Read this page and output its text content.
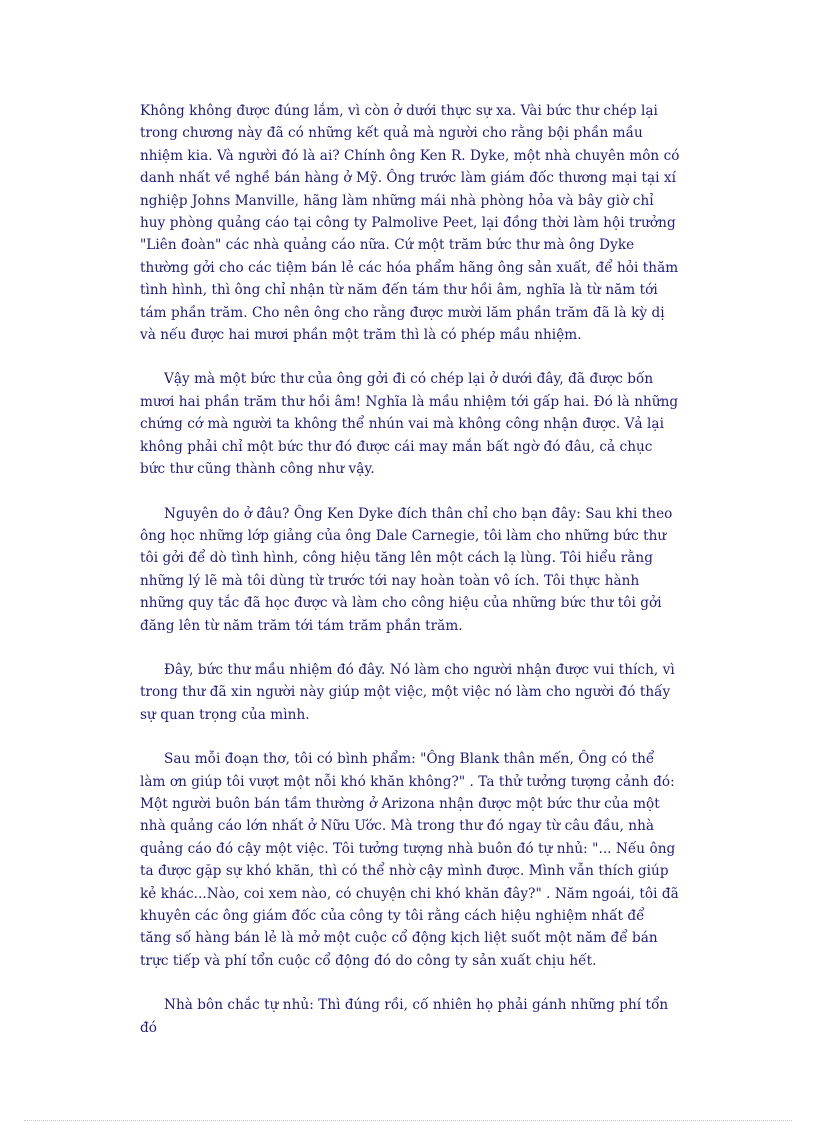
Không không được đúng lắm, vì còn ở dưới thực sự xa. Vài bức thư chép lại trong chương này đã có những kết quả mà người cho rằng bội phần mầu nhiệm kia. Và người đó là ai? Chính ông Ken R. Dyke, một nhà chuyên môn có danh nhất về nghề bán hàng ở Mỹ. Ông trước làm giám đốc thương mại tại xí nghiệp Johns Manville, hãng làm những mái nhà phòng hỏa và bây giờ chỉ huy phòng quảng cáo tại công ty Palmolive Peet, lại đồng thời làm hội trưởng "Liên đoàn" các nhà quảng cáo nữa. Cứ một trăm bức thư mà ông Dyke thường gởi cho các tiệm bán lẻ các hóa phẩm hãng ông sản xuất, để hỏi thăm tình hình, thì ông chỉ nhận từ năm đến tám thư hồi âm, nghĩa là từ năm tới tám phần trăm. Cho nên ông cho rằng được mười lăm phần trăm đã là kỳ dị và nếu được hai mươi phần một trăm thì là có phép mầu nhiệm.

Vậy mà một bức thư của ông gởi đi có chép lại ở dưới đây, đã được bốn mươi hai phần trăm thư hồi âm! Nghĩa là mầu nhiệm tới gấp hai. Đó là những chứng cớ mà người ta không thể nhún vai mà không công nhận được. Vả lại không phải chỉ một bức thư đó được cái may mắn bất ngờ đó đâu, cả chục bức thư cũng thành công như vậy.

Nguyên do ở đâu? Ông Ken Dyke đích thân chỉ cho bạn đây: Sau khi theo ông học những lớp giảng của ông Dale Carnegie, tôi làm cho những bức thư tôi gởi để dò tình hình, công hiệu tăng lên một cách lạ lùng. Tôi hiểu rằng những lý lẽ mà tôi dùng từ trước tới nay hoàn toàn vô ích. Tôi thực hành những quy tắc đã học được và làm cho công hiệu của những bức thư tôi gởi đăng lên từ năm trăm tới tám trăm phần trăm.

Đây, bức thư mầu nhiệm đó đây. Nó làm cho người nhận được vui thích, vì trong thư đã xin người này giúp một việc, một việc nó làm cho người đó thấy sự quan trọng của mình.

Sau mỗi đoạn thơ, tôi có bình phẩm: "Ông Blank thân mến, Ông có thể làm ơn giúp tôi vượt một nỗi khó khăn không?" . Ta thử tưởng tượng cảnh đó: Một người buôn bán tầm thường ở Arizona nhận được một bức thư của một nhà quảng cáo lớn nhất ở Nữu Ước. Mà trong thư đó ngay từ câu đầu, nhà quảng cáo đó cậy một việc. Tôi tưởng tượng nhà buôn đó tự nhủ: "... Nếu ông ta được gặp sự khó khăn, thì có thể nhờ cậy mình được. Mình vẫn thích giúp kẻ khác...Nào, coi xem nào, có chuyện chi khó khăn đây?" . Năm ngoái, tôi đã khuyên các ông giám đốc của công ty tôi rằng cách hiệu nghiệm nhất để tăng số hàng bán lẻ là mở một cuộc cổ động kịch liệt suốt một năm để bán trực tiếp và phí tổn cuộc cổ động đó do công ty sản xuất chịu hết.

Nhà bôn chắc tự nhủ: Thì đúng rồi, cố nhiên họ phải gánh những phí tổn đó
